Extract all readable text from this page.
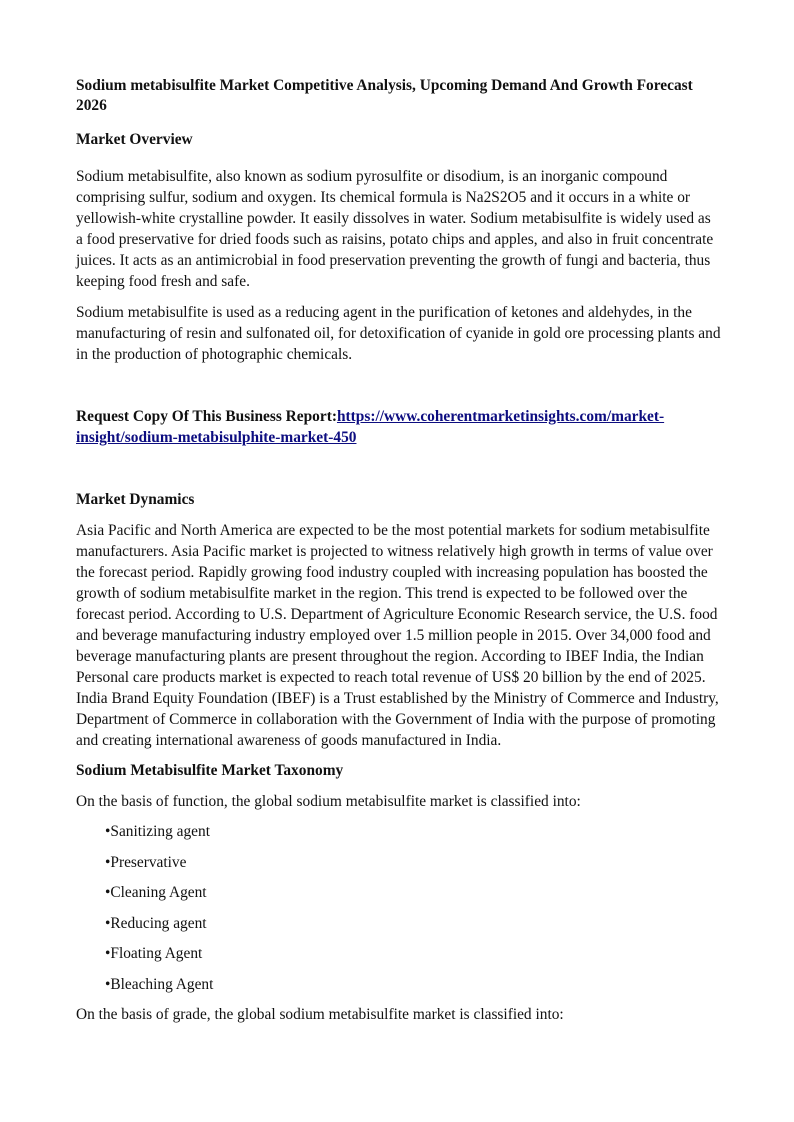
Sodium metabisulfite Market Competitive Analysis, Upcoming Demand And Growth Forecast 2026
Market Overview

Sodium metabisulfite, also known as sodium pyrosulfite or disodium, is an inorganic compound comprising sulfur, sodium and oxygen. Its chemical formula is Na2S2O5 and it occurs in a white or yellowish-white crystalline powder. It easily dissolves in water. Sodium metabisulfite is widely used as a food preservative for dried foods such as raisins, potato chips and apples, and also in fruit concentrate juices. It acts as an antimicrobial in food preservation preventing the growth of fungi and bacteria, thus keeping food fresh and safe.

Sodium metabisulfite is used as a reducing agent in the purification of ketones and aldehydes, in the manufacturing of resin and sulfonated oil, for detoxification of cyanide in gold ore processing plants and in the production of photographic chemicals.

Request Copy Of This Business Report:https://www.coherentmarketinsights.com/market-insight/sodium-metabisulphite-market-450

Market Dynamics

Asia Pacific and North America are expected to be the most potential markets for sodium metabisulfite manufacturers. Asia Pacific market is projected to witness relatively high growth in terms of value over the forecast period. Rapidly growing food industry coupled with increasing population has boosted the growth of sodium metabisulfite market in the region. This trend is expected to be followed over the forecast period. According to U.S. Department of Agriculture Economic Research service, the U.S. food and beverage manufacturing industry employed over 1.5 million people in 2015. Over 34,000 food and beverage manufacturing plants are present throughout the region. According to IBEF India, the Indian Personal care products market is expected to reach total revenue of US$ 20 billion by the end of 2025. India Brand Equity Foundation (IBEF) is a Trust established by the Ministry of Commerce and Industry, Department of Commerce in collaboration with the Government of India with the purpose of promoting and creating international awareness of goods manufactured in India.

Sodium Metabisulfite Market Taxonomy

On the basis of function, the global sodium metabisulfite market is classified into:

•Sanitizing agent
•Preservative
•Cleaning Agent
•Reducing agent
•Floating Agent
•Bleaching Agent

On the basis of grade, the global sodium metabisulfite market is classified into:
